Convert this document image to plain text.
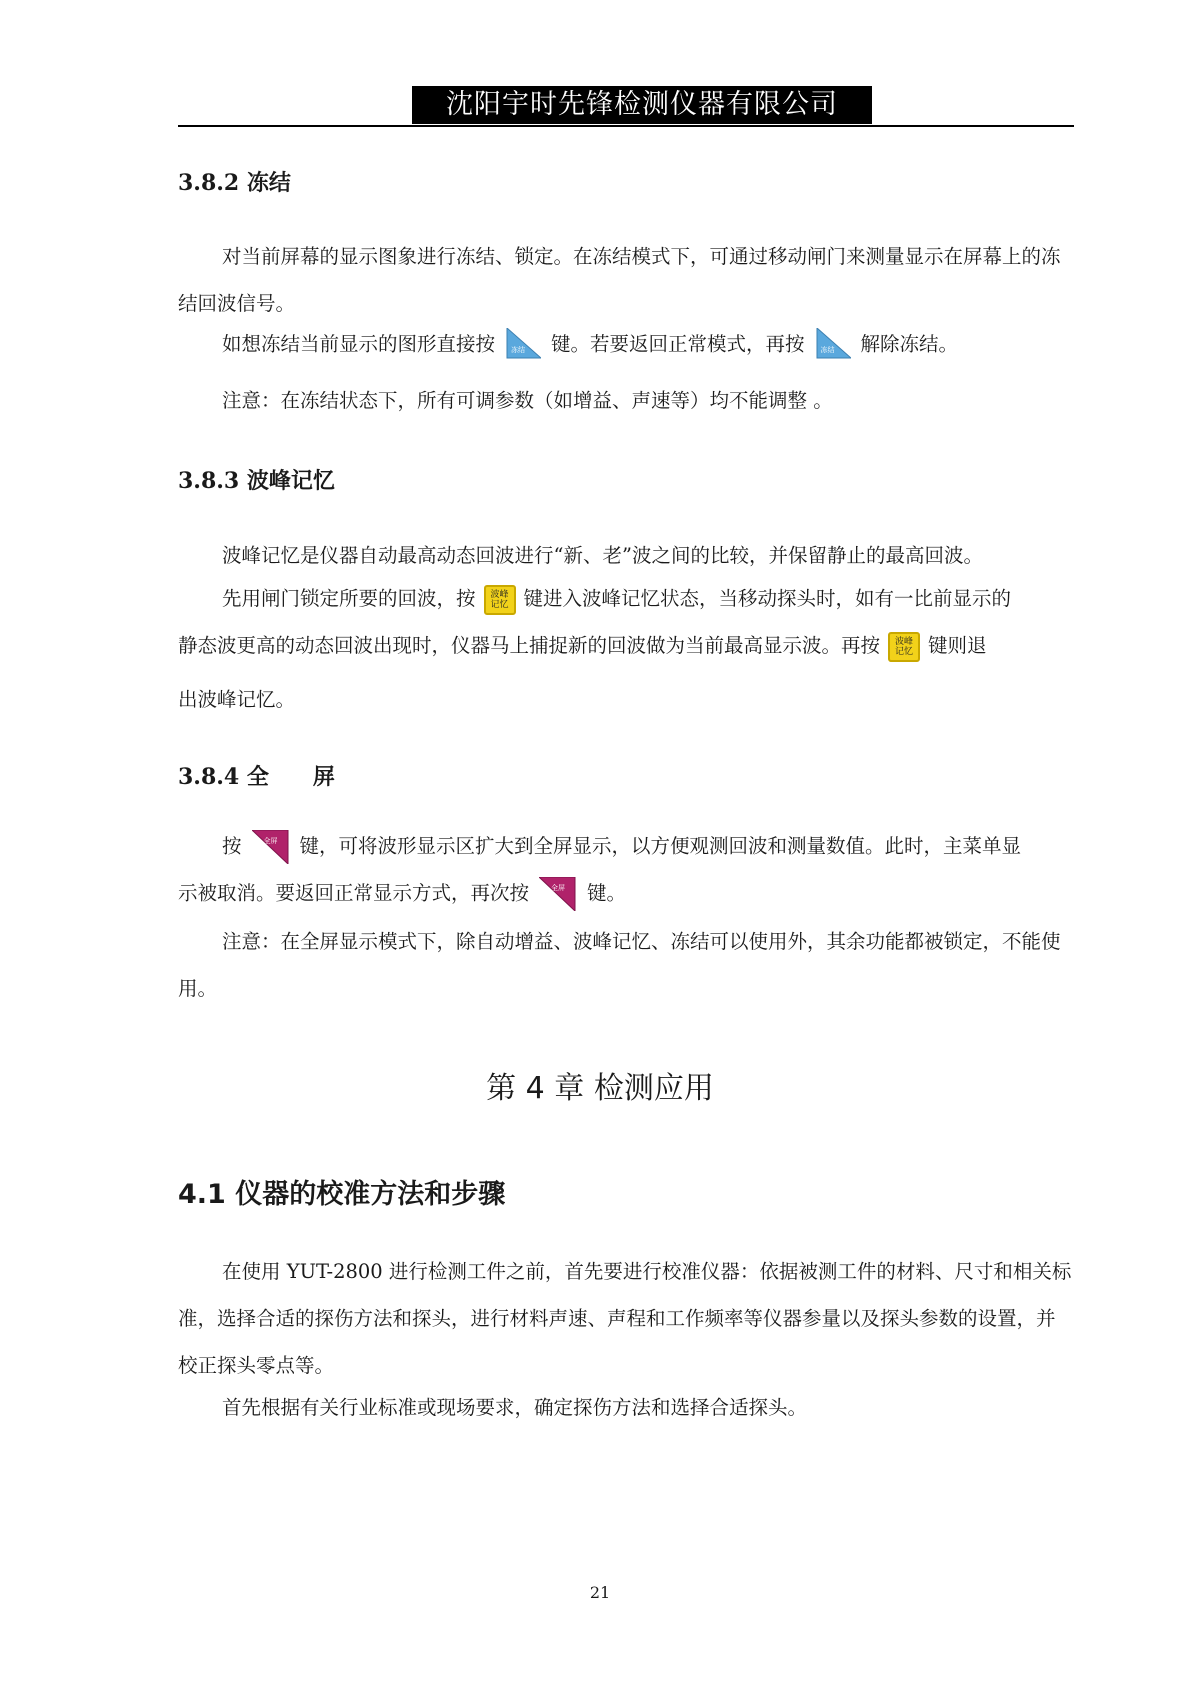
沈阳宇时先锋检测仪器有限公司
3.8.2 冻结
对当前屏幕的显示图象进行冻结、锁定。在冻结模式下，可通过移动闸门来测量显示在屏幕上的冻结回波信号。
如想冻结当前显示的图形直接按 冻结 键。若要返回正常模式，再按 冻结 解除冻结。
注意：在冻结状态下，所有可调参数（如增益、声速等）均不能调整 。
3.8.3 波峰记忆
波峰记忆是仪器自动最高动态回波进行“新、老”波之间的比较，并保留静止的最高回波。
先用闸门锁定所要的回波，按 波峰
记忆 键进入波峰记忆状态，当移动探头时，如有一比前显示的
静态波更高的动态回波出现时，仪器马上捕捉新的回波做为当前最高显示波。再按 波峰
记忆 键则退
出波峰记忆。
3.8.4 全　　屏
按	全屏 键，可将波形显示区扩大到全屏显示，以方便观测回波和测量数值。此时，主菜单显
示被取消。要返回正常显示方式，再次按	全屏 键。
注意：在全屏显示模式下，除自动增益、波峰记忆、冻结可以使用外，其余功能都被锁定，不能使用。
第 4 章 检测应用
4.1 仪器的校准方法和步骤
在使用 YUT-2800 进行检测工件之前，首先要进行校准仪器：依据被测工件的材料、尺寸和相关标准，选择合适的探伤方法和探头，进行材料声速、声程和工作频率等仪器参量以及探头参数的设置，并校正探头零点等。
首先根据有关行业标准或现场要求，确定探伤方法和选择合适探头。
21
